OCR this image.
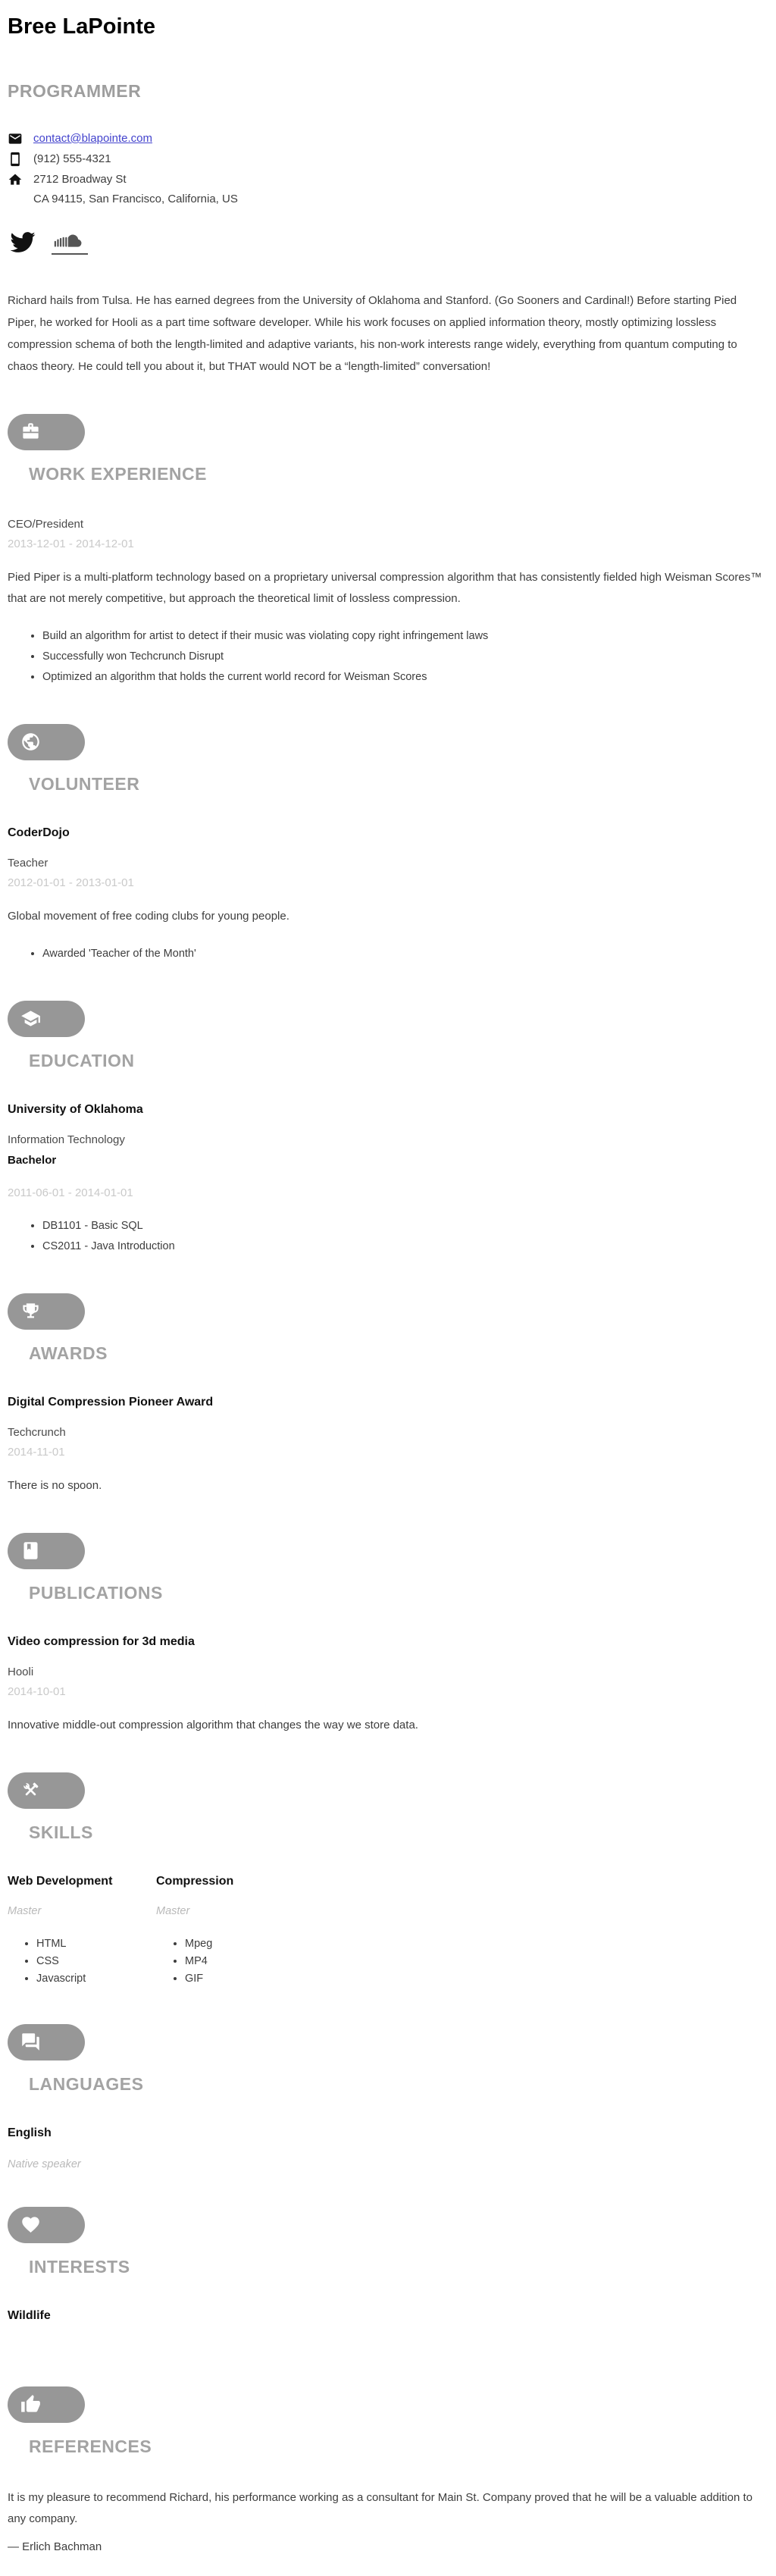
Bree LaPointe
PROGRAMMER
contact@blapointe.com
(912) 555-4321
2712 Broadway St
CA 94115, San Francisco, California, US

Richard hails from Tulsa. He has earned degrees from the University of Oklahoma and Stanford. (Go Sooners and Cardinal!) Before starting Pied Piper, he worked for Hooli as a part time software developer. While his work focuses on applied information theory, mostly optimizing lossless compression schema of both the length-limited and adaptive variants, his non-work interests range widely, everything from quantum computing to chaos theory. He could tell you about it, but THAT would NOT be a “length-limited” conversation!

WORK EXPERIENCE
CEO/President
2013-12-01 - 2014-12-01

Pied Piper is a multi-platform technology based on a proprietary universal compression algorithm that has consistently fielded high Weisman Scores™ that are not merely competitive, but approach the theoretical limit of lossless compression.

• Build an algorithm for artist to detect if their music was violating copy right infringement laws
• Successfully won Techcrunch Disrupt
• Optimized an algorithm that holds the current world record for Weisman Scores
VOLUNTEER
CoderDojo
Teacher
2012-01-01 - 2013-01-01

Global movement of free coding clubs for young people.

• Awarded 'Teacher of the Month'
EDUCATION
University of Oklahoma
Information Technology
Bachelor
2011-06-01 - 2014-01-01
• DB1101 - Basic SQL
• CS2011 - Java Introduction
AWARDS
Digital Compression Pioneer Award
Techcrunch
2014-11-01

There is no spoon.

PUBLICATIONS
Video compression for 3d media
Hooli
2014-10-01

Innovative middle-out compression algorithm that changes the way we store data.

SKILLS
Web Development
Master
• HTML
• CSS
• Javascript
Compression
Master
• Mpeg
• MP4
• GIF
LANGUAGES
English
Native speaker
INTERESTS
Wildlife
REFERENCES

It is my pleasure to recommend Richard, his performance working as a consultant for Main St. Company proved that he will be a valuable addition to any company.

— Erlich Bachman
